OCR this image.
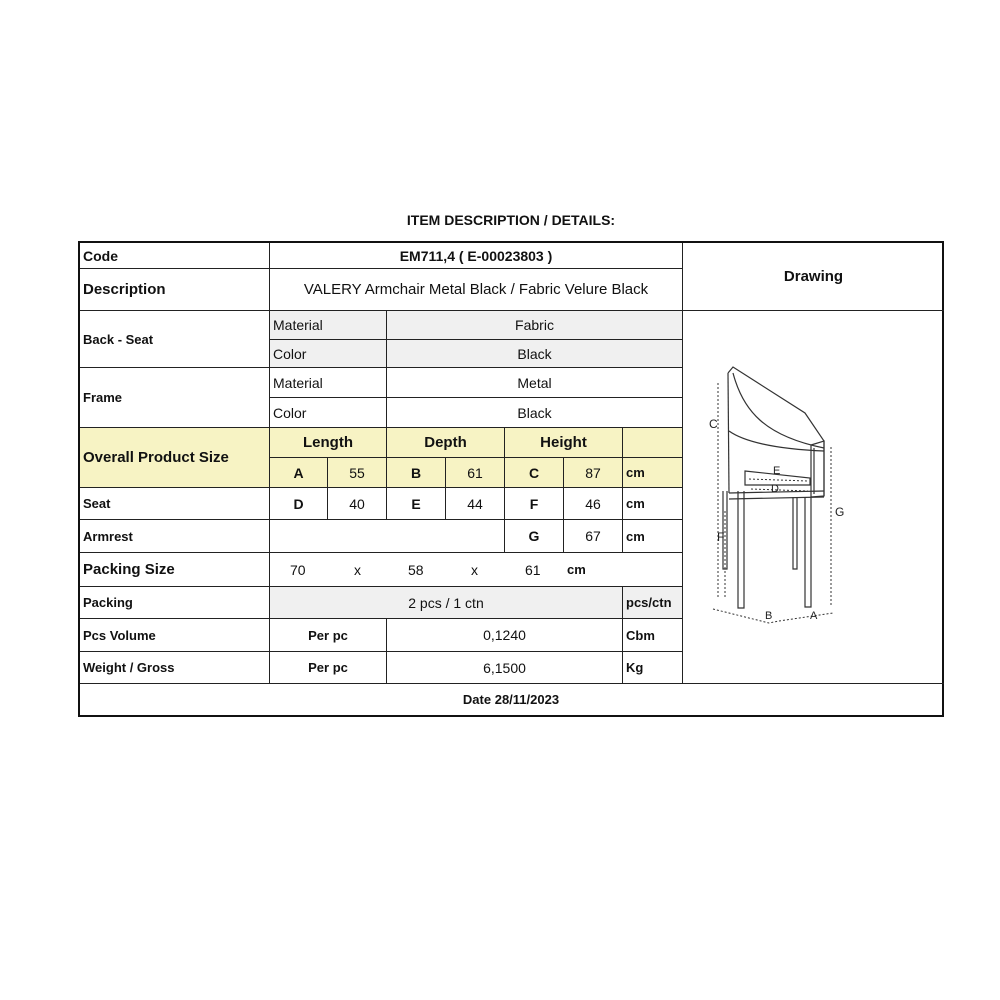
ITEM DESCRIPTION / DETAILS:
Code	EM711,4 ( E-00023803 )
Description	VALERY Armchair Metal Black / Fabric Velure Black
Drawing
Back - Seat
Material	Fabric
Color	Black
Frame
Material	Metal
Color	Black
Overall Product Size
Length	Depth	Height
A	55	B	61	C	87	cm
Seat	D	40	E	44	F	46	cm
Armrest	G	67	cm
Packing Size	70	x	58	x	61 cm
Packing	2 pcs / 1 ctn	pcs/ctn
Pcs Volume	Per pc	0,1240	Cbm
Weight / Gross	Per pc	6,1500	Kg
C
F
G
E
D
B	A
Date 28/11/2023
